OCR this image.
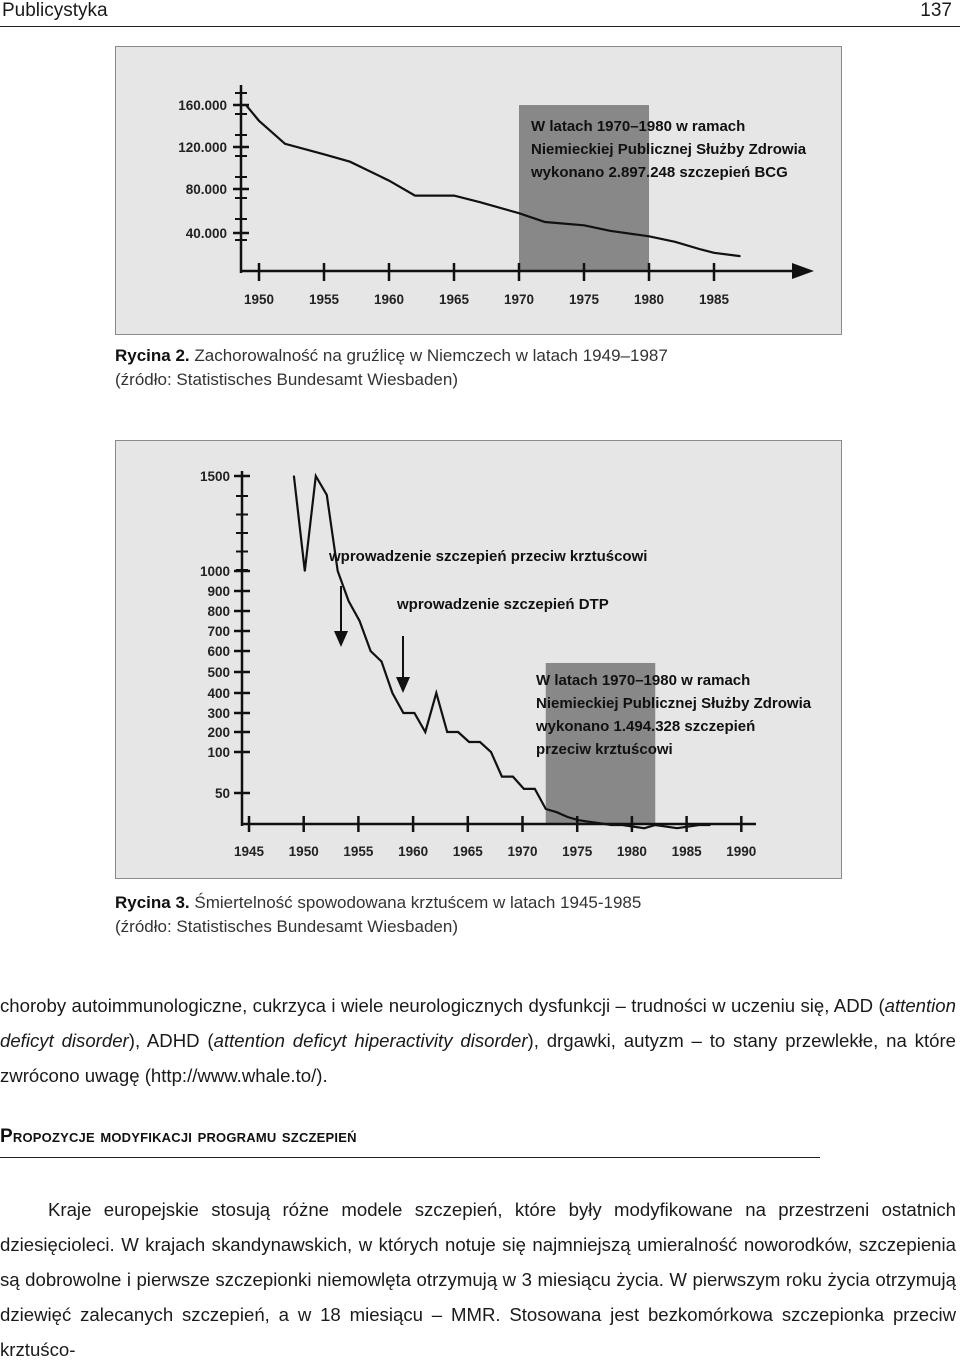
Publicystyka	137
160.000
120.000
80.000
40.000
1950	1955	1960	1965	1970	1975	1980	1985
W latach 1970–1980 w ramach
Niemieckiej Publicznej Służby Zdrowia
wykonano 2.897.248 szczepień BCG
Rycina 2. Zachorowalność na gruźlicę w Niemczech w latach 1949–1987
(źródło: Statistisches Bundesamt Wiesbaden)
1500
1000
900
800
700
600
500
400
300
200
100
50
1945 1950 1955 1960 1965 1970 1975 1980 1985 1990
wprowadzenie szczepień przeciw krztuścowi
wprowadzenie szczepień DTP
W latach 1970–1980 w ramach
Niemieckiej Publicznej Służby Zdrowia
wykonano 1.494.328 szczepień
przeciw krztuścowi
Rycina 3. Śmiertelność spowodowana krztuścem w latach 1945-1985
(źródło: Statistisches Bundesamt Wiesbaden)
choroby autoimmunologiczne, cukrzyca i wiele neurologicznych dysfunkcji – trudności w uczeniu się, ADD (attention deficyt disorder), ADHD (attention deficyt hiperactivity disorder), drgawki, autyzm – to stany przewlekłe, na które zwrócono uwagę (http://www.whale.to/).
Propozycje modyfikacji programu szczepień
Kraje europejskie stosują różne modele szczepień, które były modyfikowane na przestrzeni ostatnich dziesięcioleci. W krajach skandynawskich, w których notuje się najmniejszą umieralność noworodków, szczepienia są dobrowolne i pierwsze szczepionki niemowlęta otrzymują w 3 miesiącu życia. W pierwszym roku życia otrzymują dziewięć zalecanych szczepień, a w 18 miesiącu – MMR. Stosowana jest bezkomórkowa szczepionka przeciw krztuśco-
